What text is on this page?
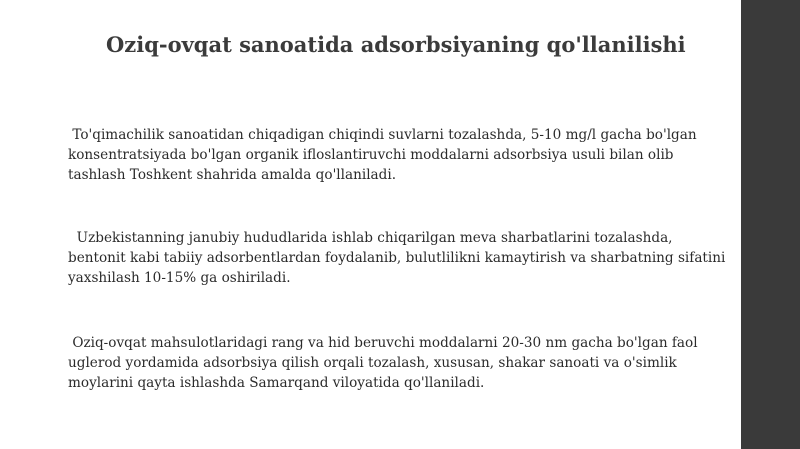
Oziq-ovqat sanoatida adsorbsiyaning qo'llanilishi

To'qimachilik sanoatidan chiqadigan chiqindi suvlarni tozalashda, 5-10 mg/l gacha bo'lgan konsentratsiyada bo'lgan organik ifloslantiruvchi moddalarni adsorbsiya usuli bilan olib tashlash Toshkent shahrida amalda qo'llaniladi.

Uzbekistanning janubiy hududlarida ishlab chiqarilgan meva sharbatlarini tozalashda, bentonit kabi tabiiy adsorbentlardan foydalanib, bulutlilikni kamaytirish va sharbatning sifatini yaxshilash 10-15% ga oshiriladi.

Oziq-ovqat mahsulotlaridagi rang va hid beruvchi moddalarni 20-30 nm gacha bo'lgan faol uglerod yordamida adsorbsiya qilish orqali tozalash, xususan, shakar sanoati va o'simlik moylarini qayta ishlashda Samarqand viloyatida qo'llaniladi.
